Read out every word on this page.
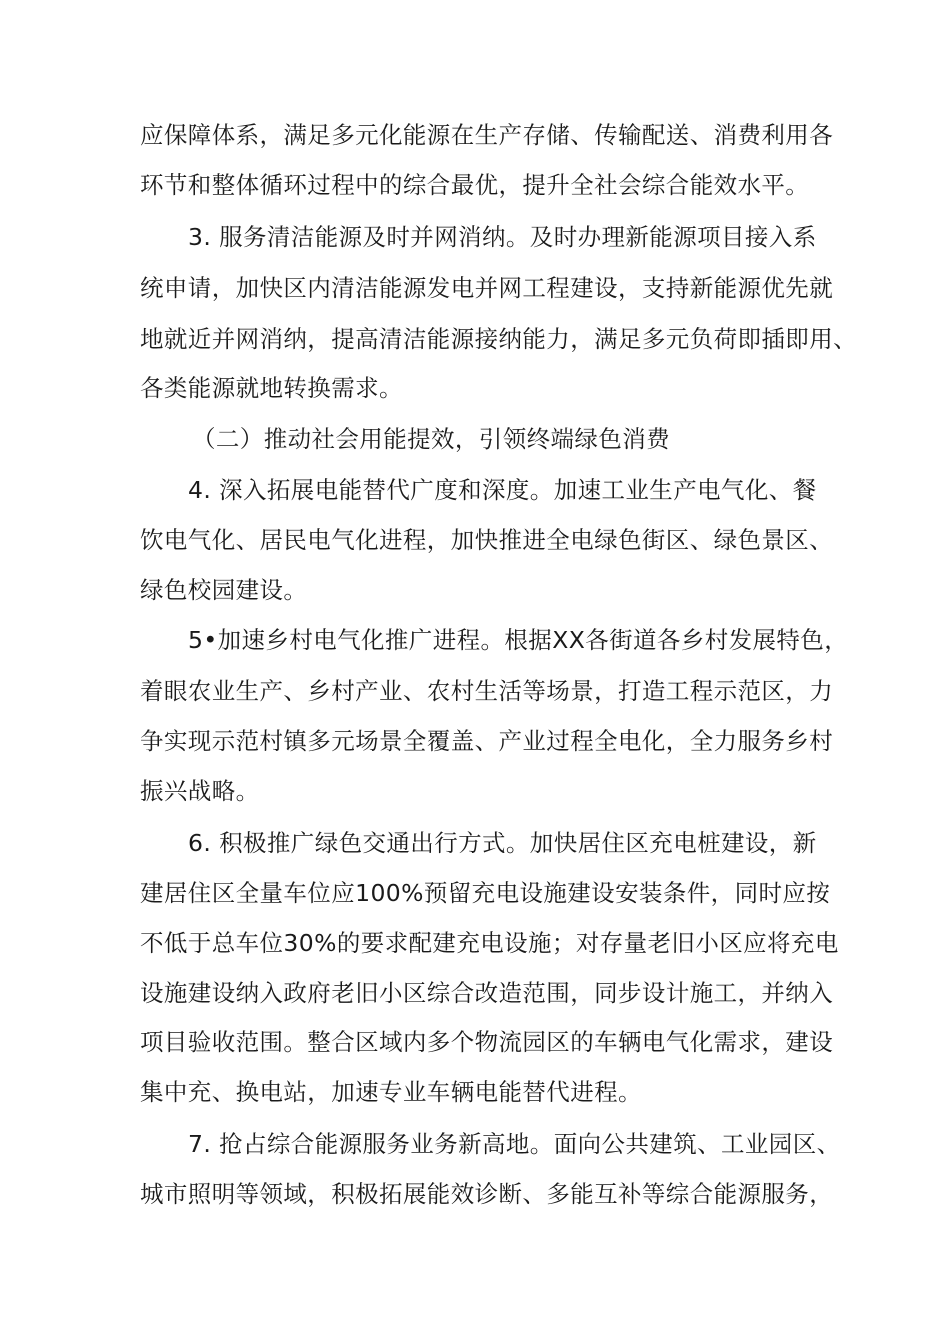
应保障体系，满足多元化能源在生产存储、传输配送、消费利用各
环节和整体循环过程中的综合最优，提升全社会综合能效水平。
3. 服务清洁能源及时并网消纳。及时办理新能源项目接入系
统申请，加快区内清洁能源发电并网工程建设，支持新能源优先就
地就近并网消纳，提高清洁能源接纳能力，满足多元负荷即插即用、
各类能源就地转换需求。
（二）推动社会用能提效，引领终端绿色消费
4. 深入拓展电能替代广度和深度。加速工业生产电气化、餐
饮电气化、居民电气化进程，加快推进全电绿色街区、绿色景区、
绿色校园建设。
5•加速乡村电气化推广进程。根据XX各街道各乡村发展特色，
着眼农业生产、乡村产业、农村生活等场景，打造工程示范区，力
争实现示范村镇多元场景全覆盖、产业过程全电化，全力服务乡村
振兴战略。
6. 积极推广绿色交通出行方式。加快居住区充电桩建设，新
建居住区全量车位应100%预留充电设施建设安装条件，同时应按
不低于总车位30%的要求配建充电设施；对存量老旧小区应将充电
设施建设纳入政府老旧小区综合改造范围，同步设计施工，并纳入
项目验收范围。整合区域内多个物流园区的车辆电气化需求，建设
集中充、换电站，加速专业车辆电能替代进程。
7. 抢占综合能源服务业务新高地。面向公共建筑、工业园区、
城市照明等领域，积极拓展能效诊断、多能互补等综合能源服务，
